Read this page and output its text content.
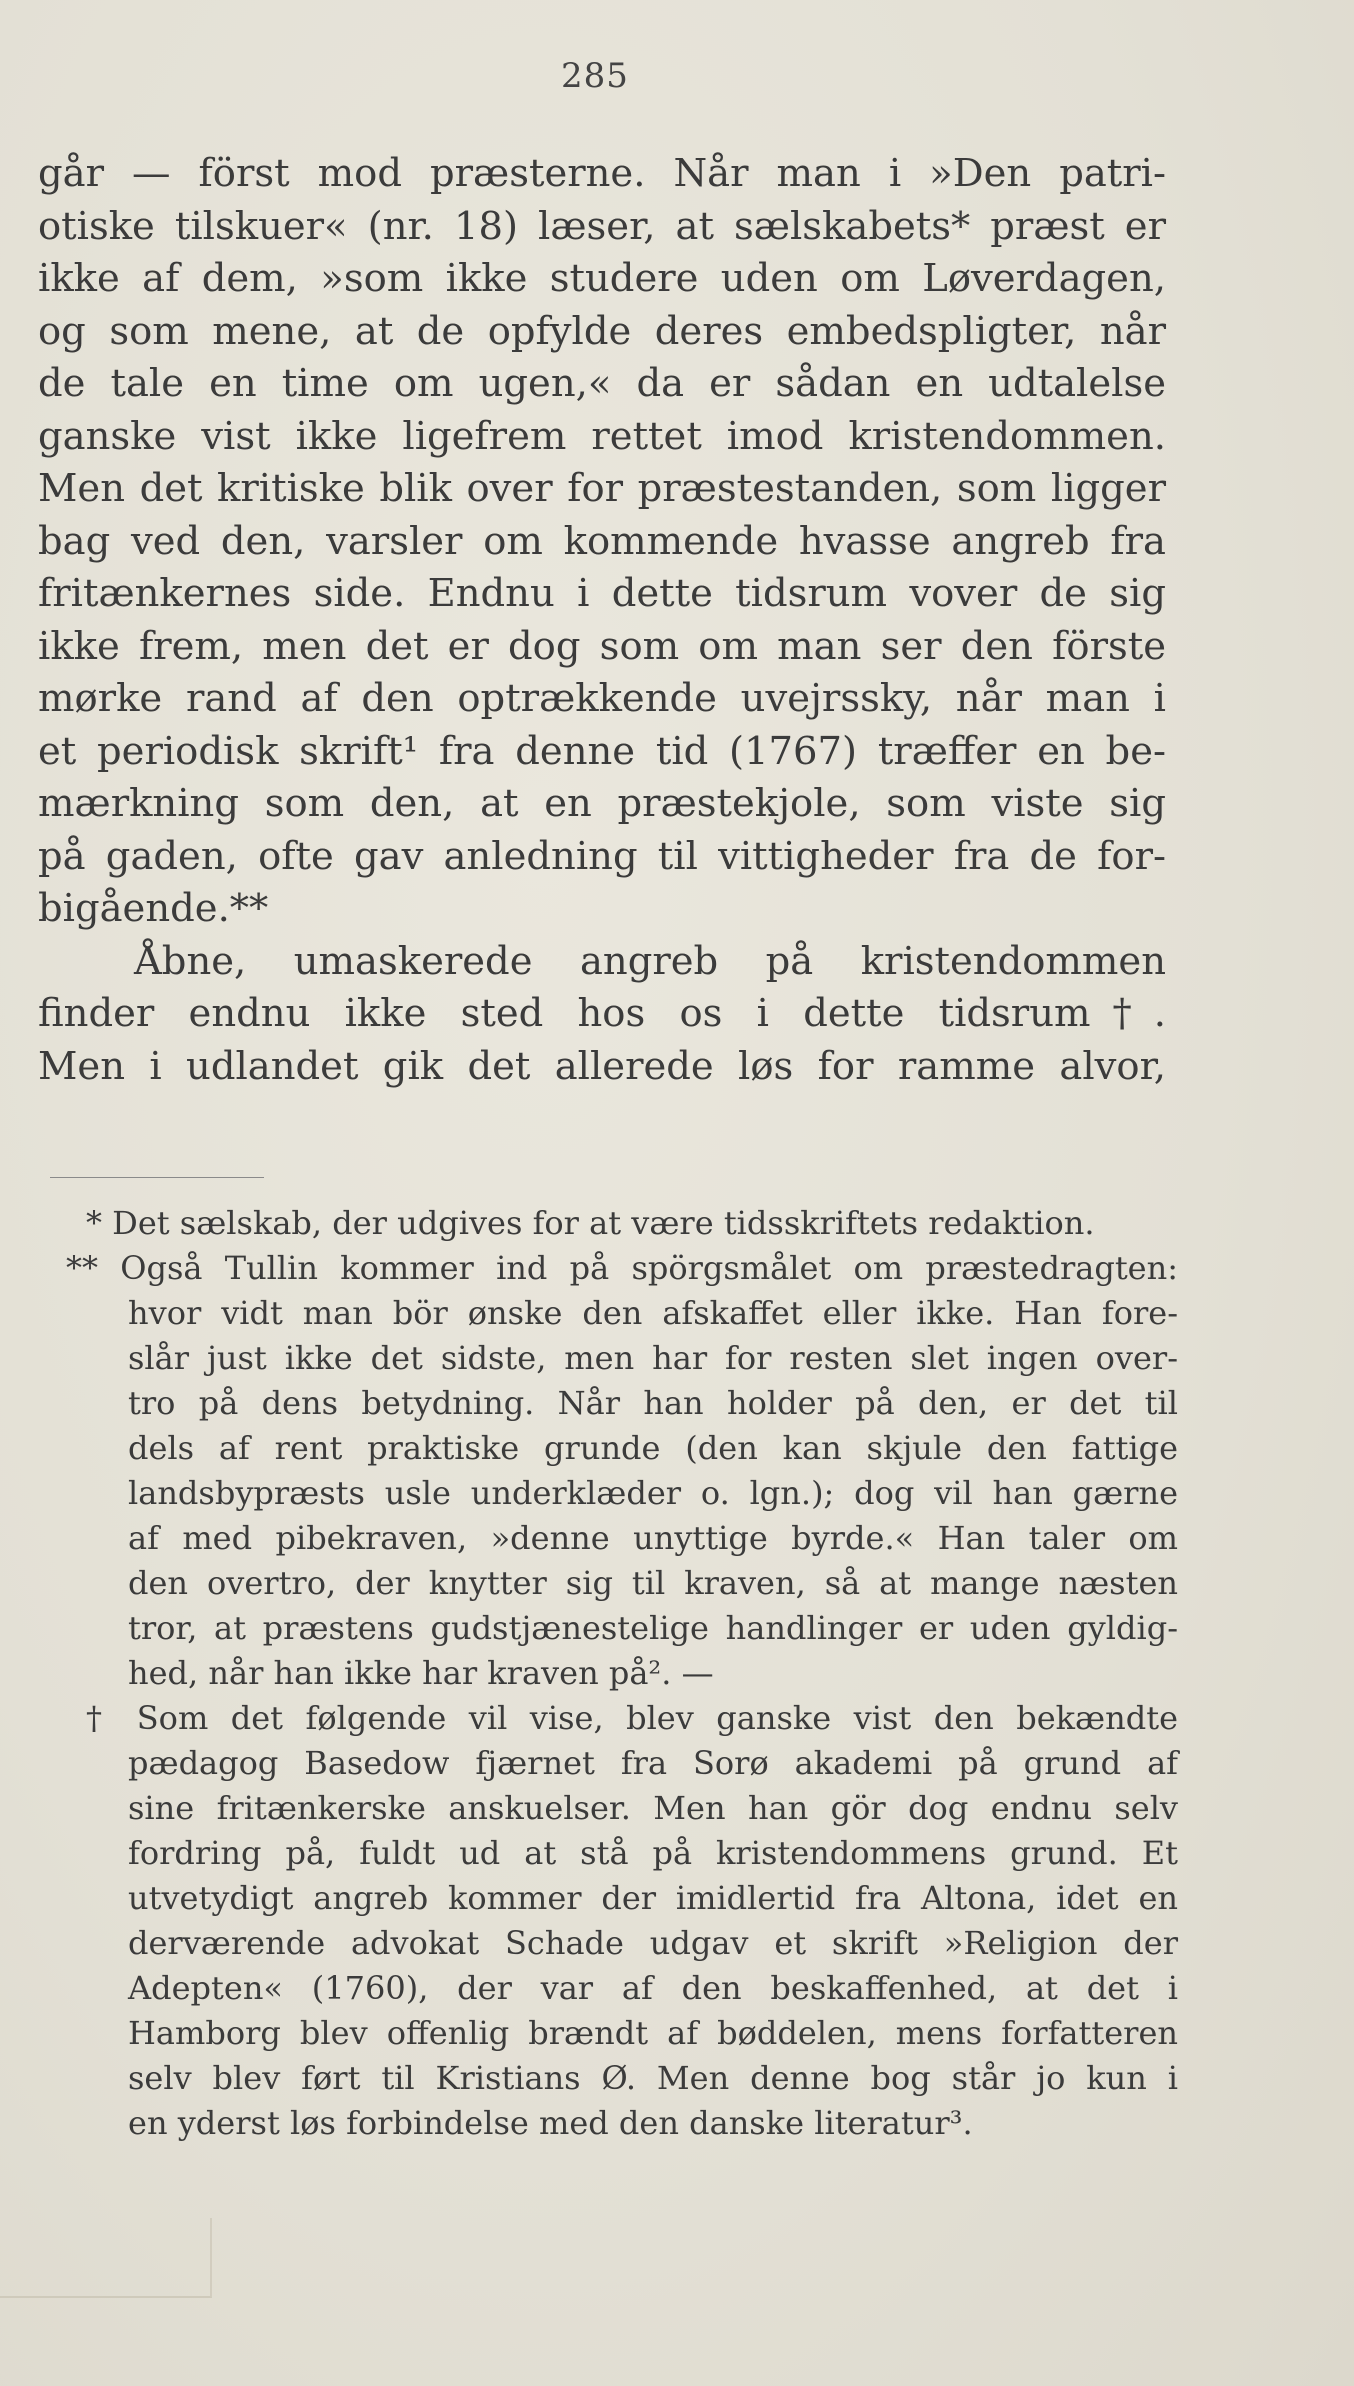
285
går — först mod præsterne. Når man i »Den patri-
otiske tilskuer« (nr. 18) læser, at sælskabets* præst er
ikke af dem, »som ikke studere uden om Løverdagen,
og som mene, at de opfylde deres embedspligter, når
de tale en time om ugen,« da er sådan en udtalelse
ganske vist ikke ligefrem rettet imod kristendommen.
Men det kritiske blik over for præstestanden, som ligger
bag ved den, varsler om kommende hvasse angreb fra
fritænkernes side. Endnu i dette tidsrum vover de sig
ikke frem, men det er dog som om man ser den förste
mørke rand af den optrækkende uvejrssky, når man i
et periodisk skrift¹ fra denne tid (1767) træffer en be-
mærkning som den, at en præstekjole, som viste sig
på gaden, ofte gav anledning til vittigheder fra de for-
bigående.**
Åbne, umaskerede angreb på kristendommen
finder endnu ikke sted hos os i dette tidsrum†.
Men i udlandet gik det allerede løs for ramme alvor,
* Det sælskab, der udgives for at være tidsskriftets redaktion.
** Også Tullin kommer ind på spörgsmålet om præstedragten:
hvor vidt man bör ønske den afskaffet eller ikke. Han fore-
slår just ikke det sidste, men har for resten slet ingen over-
tro på dens betydning. Når han holder på den, er det til
dels af rent praktiske grunde (den kan skjule den fattige
landsbypræsts usle underklæder o. lgn.); dog vil han gærne
af med pibekraven, »denne unyttige byrde.« Han taler om
den overtro, der knytter sig til kraven, så at mange næsten
tror, at præstens gudstjænestelige handlinger er uden gyldig-
hed, når han ikke har kraven på². —
† Som det følgende vil vise, blev ganske vist den bekændte
pædagog Basedow fjærnet fra Sorø akademi på grund af
sine fritænkerske anskuelser. Men han gör dog endnu selv
fordring på, fuldt ud at stå på kristendommens grund. Et
utvetydigt angreb kommer der imidlertid fra Altona, idet en
derværende advokat Schade udgav et skrift »Religion der
Adepten« (1760), der var af den beskaffenhed, at det i
Hamborg blev offenlig brændt af bøddelen, mens forfatteren
selv blev ført til Kristians Ø. Men denne bog står jo kun i
en yderst løs forbindelse med den danske literatur³.
